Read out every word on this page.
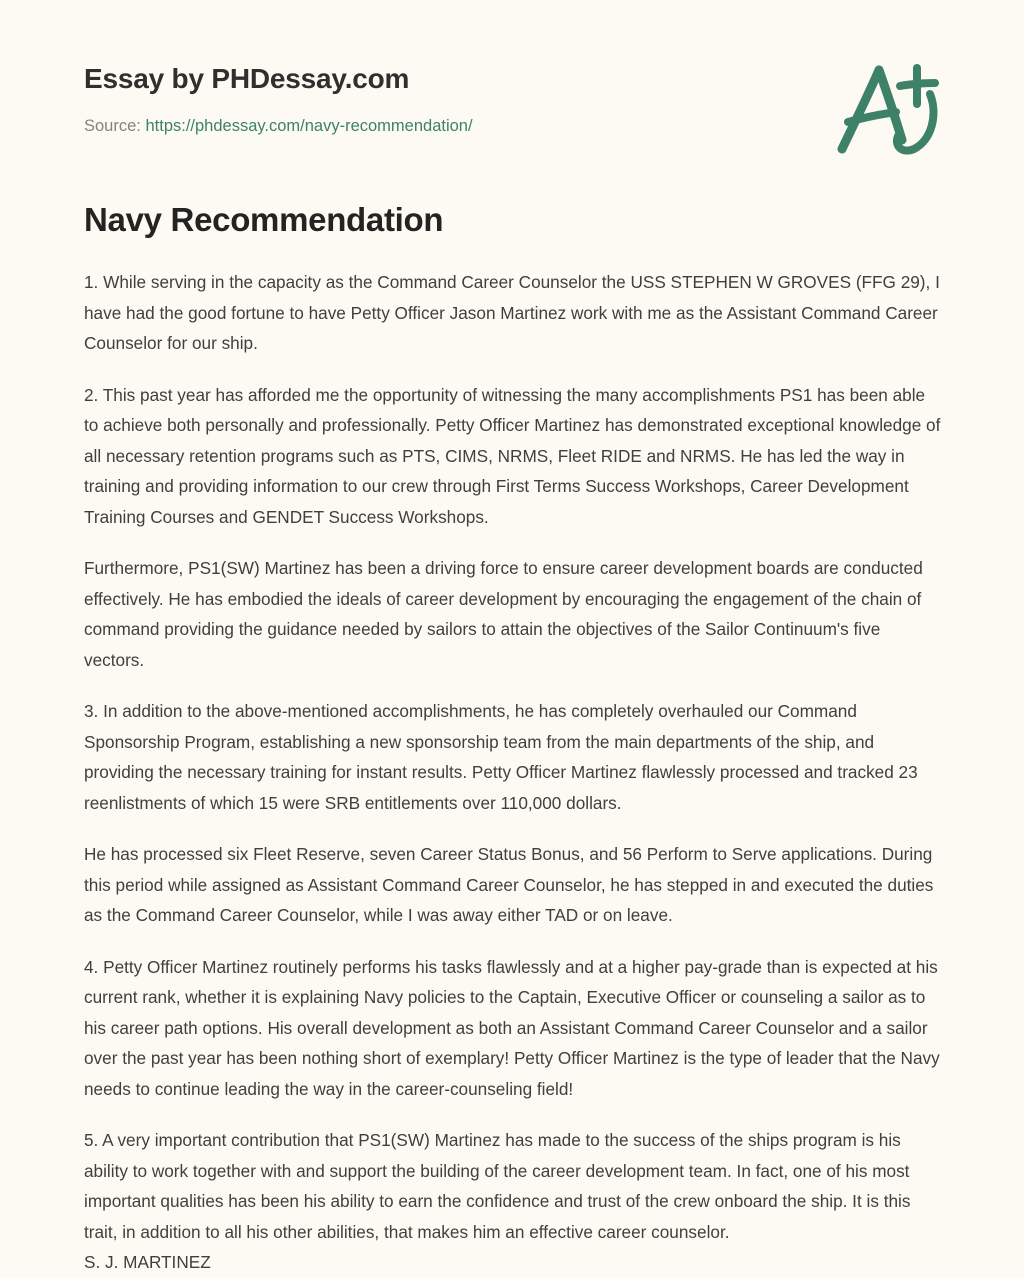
Essay by PHDessay.com
Source: https://phdessay.com/navy-recommendation/
Navy Recommendation

1. While serving in the capacity as the Command Career Counselor the USS STEPHEN W GROVES (FFG 29), I have had the good fortune to have Petty Officer Jason Martinez work with me as the Assistant Command Career Counselor for our ship.

2. This past year has afforded me the opportunity of witnessing the many accomplishments PS1 has been able to achieve both personally and professionally. Petty Officer Martinez has demonstrated exceptional knowledge of all necessary retention programs such as PTS, CIMS, NRMS, Fleet RIDE and NRMS. He has led the way in training and providing information to our crew through First Terms Success Workshops, Career Development Training Courses and GENDET Success Workshops.

Furthermore, PS1(SW) Martinez has been a driving force to ensure career development boards are conducted effectively. He has embodied the ideals of career development by encouraging the engagement of the chain of command providing the guidance needed by sailors to attain the objectives of the Sailor Continuum's five vectors.

3. In addition to the above-mentioned accomplishments, he has completely overhauled our Command Sponsorship Program, establishing a new sponsorship team from the main departments of the ship, and providing the necessary training for instant results. Petty Officer Martinez flawlessly processed and tracked 23 reenlistments of which 15 were SRB entitlements over 110,000 dollars.

He has processed six Fleet Reserve, seven Career Status Bonus, and 56 Perform to Serve applications. During this period while assigned as Assistant Command Career Counselor, he has stepped in and executed the duties as the Command Career Counselor, while I was away either TAD or on leave.

4. Petty Officer Martinez routinely performs his tasks flawlessly and at a higher pay-grade than is expected at his current rank, whether it is explaining Navy policies to the Captain, Executive Officer or counseling a sailor as to his career path options. His overall development as both an Assistant Command Career Counselor and a sailor over the past year has been nothing short of exemplary! Petty Officer Martinez is the type of leader that the Navy needs to continue leading the way in the career-counseling field!

5. A very important contribution that PS1(SW) Martinez has made to the success of the ships program is his ability to work together with and support the building of the career development team. In fact, one of his most important qualities has been his ability to earn the confidence and trust of the crew onboard the ship. It is this trait, in addition to all his other abilities, that makes him an effective career counselor.

S. J. MARTINEZ
